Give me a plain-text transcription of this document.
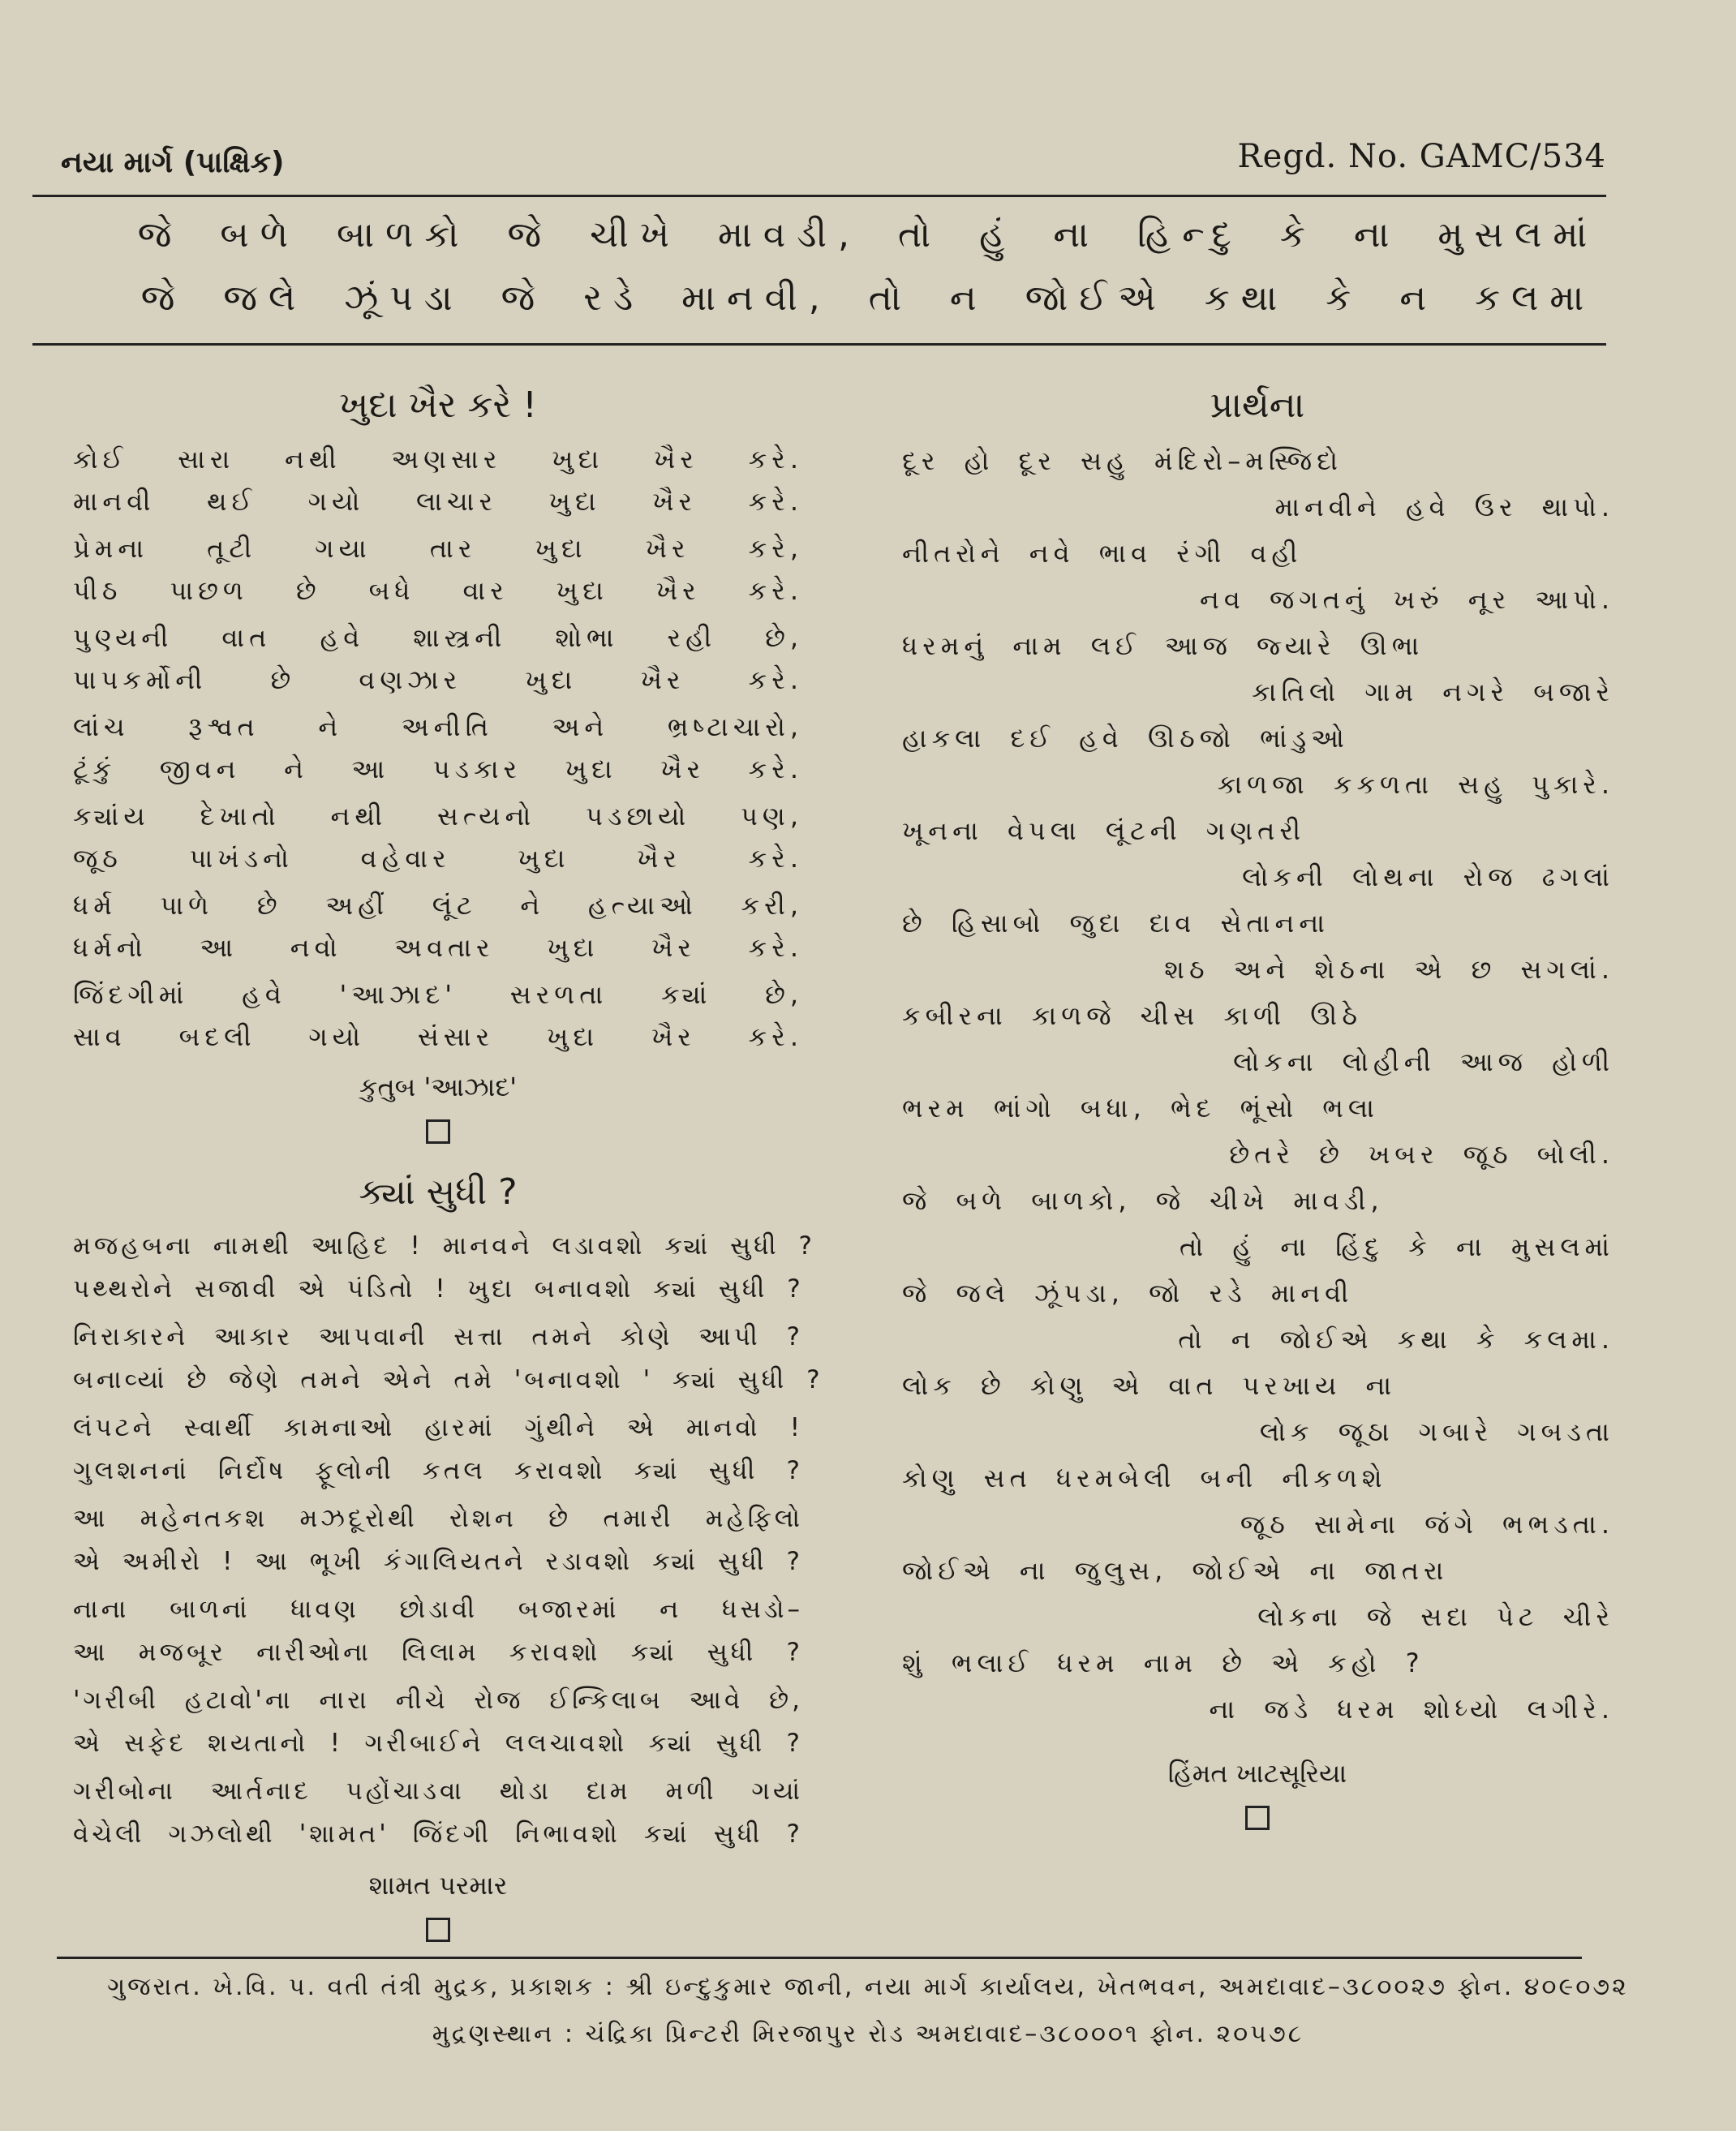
નયા માર્ગ (પાક્ષિક)	Regd. No. GAMC/534
જે બળે બાળકો જે ચીખે માવડી, તો હું ના હિન્દુ કે ના મુસલમાં
જે જલે ઝૂંપડા જે રડે માનવી, તો ન જોઈએ કથા કે ન કલમા
ખુદા ખૈર કરે !
કોઈ સારા નથી અણસાર ખુદા ખૈર કરે.
માનવી થઈ ગયો લાચાર ખુદા ખૈર કરે.
પ્રેમના તૂટી ગયા તાર ખુદા ખૈર કરે,
પીઠ પાછળ છે બધે વાર ખુદા ખૈર કરે.
પુણ્યની વાત હવે શાસ્ત્રની શોભા રહી છે,
પાપકર્મોની છે વણઝાર ખુદા ખૈર કરે.
લાંચ રૂશ્વત ને અનીતિ અને ભ્રષ્ટાચારો,
ટૂંકું જીવન ને આ પડકાર ખુદા ખૈર કરે.
ક્યાંય દેખાતો નથી સત્યનો પડછાયો પણ,
જૂઠ પાખંડનો વહેવાર ખુદા ખૈર કરે.
ધર્મ પાળે છે અહીં લૂંટ ને હત્યાઓ કરી,
ધર્મનો આ નવો અવતાર ખુદા ખૈર કરે.
જિંદગીમાં હવે 'આઝાદ' સરળતા ક્યાં છે,
સાવ બદલી ગયો સંસાર ખુદા ખૈર કરે.
કુતુબ 'આઝાદ'
ક્યાં સુધી ?
મજહબના નામથી આહિદ ! માનવને લડાવશો ક્યાં સુધી ?
પથ્થરોને સજાવી એ પંડિતો ! ખુદા બનાવશો ક્યાં સુધી ?
નિરાકારને આકાર આપવાની સત્તા તમને કોણે આપી ?
બનાવ્યાં છે જેણે તમને એને તમે 'બનાવશો ' ક્યાં સુધી ?
લંપટને સ્વાર્થી કામનાઓ હારમાં ગુંથીને એ માનવો !
ગુલશનનાં નિર્દોષ ફૂલોની કતલ કરાવશો ક્યાં સુધી ?
આ મહેનતકશ મઝદૂરોથી રોશન છે તમારી મહેફિલો
એ અમીરો ! આ ભૂખી કંગાલિયતને રડાવશો ક્યાં સુધી ?
નાના બાળનાં ધાવણ છોડાવી બજારમાં ન ધસડો–
આ મજબૂર નારીઓના લિલામ કરાવશો ક્યાં સુધી ?
'ગરીબી હટાવો'ના નારા નીચે રોજ ઈન્કિલાબ આવે છે,
એ સફેદ શયતાનો ! ગરીબાઈને લલચાવશો ક્યાં સુધી ?
ગરીબોના આર્તનાદ પહોંચાડવા થોડા દામ મળી ગયાં
વેચેલી ગઝલોથી 'શામત' જિંદગી નિભાવશો ક્યાં સુધી ?
શામત પરમાર
પ્રાર્થના
દૂર હો દૂર સહુ મંદિરો–મસ્જિદો
માનવીને હવે ઉર થાપો.
નીતરોને નવે ભાવ રંગી વહી
નવ જગતનું ખરું નૂર આપો.
ધરમનું નામ લઈ આજ જ્યારે ઊભા
કાતિલો ગામ નગરે બજારે
હાકલા દઈ હવે ઊઠજો ભાંડુઓ
કાળજા કકળતા સહુ પુકારે.
ખૂનના વેપલા લૂંટની ગણતરી
લોકની લોથના રોજ ઢગલાં
છે હિસાબો જુદા દાવ સેતાનના
શઠ અને શેઠના એ છ સગલાં.
કબીરના કાળજે ચીસ કાળી ઊઠે
લોકના લોહીની આજ હોળી
ભરમ ભાંગો બધા, ભેદ ભૂંસો ભલા
છેતરે છે ખબર જૂઠ બોલી.
જે બળે બાળકો, જે ચીખે માવડી,
તો હું ના હિંદુ કે ના મુસલમાં
જે જલે ઝૂંપડા, જો રડે માનવી
તો ન જોઈએ કથા કે કલમા.
લોક છે કોણુ એ વાત પરખાય ના
લોક જૂઠા ગબારે ગબડતા
કોણુ સત ધરમબેલી બની નીકળશે
જૂઠ સામેના જંગે ભભડતા.
જોઈએ ના જુલુસ, જોઈએ ના જાતરા
લોકના જે સદા પેટ ચીરે
શું ભલાઈ ધરમ નામ છે એ કહો ?
ના જડે ધરમ શોધ્યો લગીરે.
હિંમત ખાટસૂરિયા
ગુજરાત. ખે.વિ. પ. વતી તંત્રી મુદ્રક, પ્રકાશક : શ્રી ઇન્દુકુમાર જાની, નયા માર્ગ કાર્યાલય, ખેતભવન, અમદાવાદ–૩૮૦૦૨૭ ફોન. ૪૦૯૦૭૨
મુદ્રણસ્થાન : ચંદ્રિકા પ્રિન્ટરી મિરજાપુર રોડ અમદાવાદ–૩૮૦૦૦૧ ફોન. ૨૦૫૭૮
